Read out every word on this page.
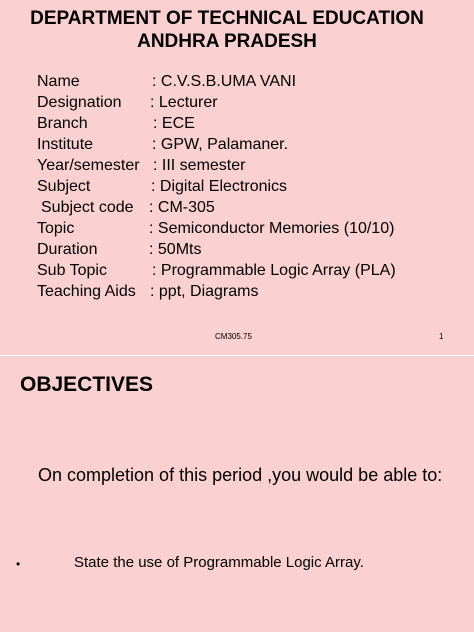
DEPARTMENT OF TECHNICAL EDUCATION
ANDHRA PRADESH
Name	: C.V.S.B.UMA VANI
Designation : Lecturer
Branch	: ECE
Institute	: GPW, Palamaner.
Year/semester : III semester
Subject	: Digital Electronics
Subject code : CM-305
Topic	: Semiconductor Memories (10/10)
Duration	: 50Mts
Sub Topic	: Programmable Logic Array (PLA)
Teaching Aids : ppt, Diagrams
CM305.75	1
OBJECTIVES
On completion of this period ,you would be able to:
•	State the use of Programmable Logic Array.
